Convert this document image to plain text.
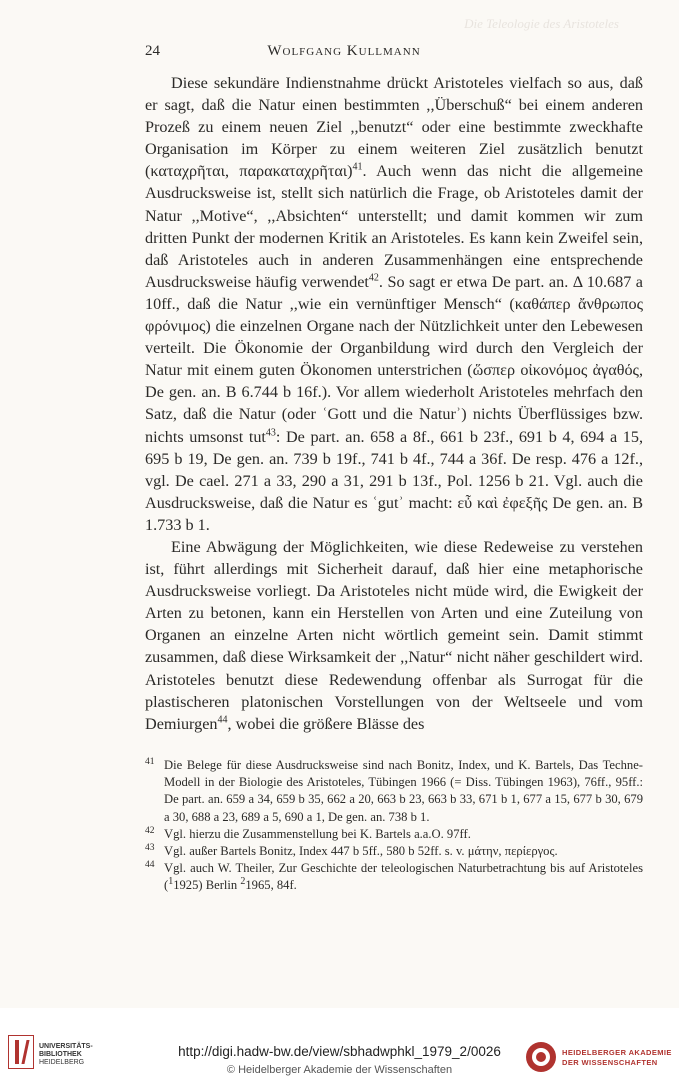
Die Teleologie des Aristoteles
24	Wolfgang Kullmann

Diese sekundäre Indienstnahme drückt Aristoteles vielfach so aus, daß er sagt, daß die Natur einen bestimmten ,,Überschuß“ bei einem anderen Prozeß zu einem neuen Ziel ,,benutzt“ oder eine bestimmte zweckhafte Organisation im Körper zu einem weiteren Ziel zusätzlich benutzt (καταχρῆται, παρακαταχρῆται)$^{41}$. Auch wenn das nicht die allgemeine Ausdrucksweise ist, stellt sich natürlich die Frage, ob Aristoteles damit der Natur ,,Motive“, ,,Absichten“ unterstellt; und damit kommen wir zum dritten Punkt der modernen Kritik an Aristoteles. Es kann kein Zweifel sein, daß Aristoteles auch in anderen Zusammenhängen eine entsprechende Ausdrucksweise häufig verwendet$^{42}$. So sagt er etwa De part. an. Δ 10.687 a 10ff., daß die Natur ,,wie ein vernünftiger Mensch“ (καθάπερ ἄνθρωπος φρόνιμος) die einzelnen Organe nach der Nützlichkeit unter den Lebewesen verteilt. Die Ökonomie der Organbildung wird durch den Vergleich der Natur mit einem guten Ökonomen unterstrichen (ὥσπερ οἰκονόμος ἀγαθός, De gen. an. B 6.744 b 16f.). Vor allem wiederholt Aristoteles mehrfach den Satz, daß die Natur (oder ʿGott und die Naturʾ) nichts Überflüssiges bzw. nichts umsonst tut$^{43}$: De part. an. 658 a 8f., 661 b 23f., 691 b 4, 694 a 15, 695 b 19, De gen. an. 739 b 19f., 741 b 4f., 744 a 36f. De resp. 476 a 12f., vgl. De cael. 271 a 33, 290 a 31, 291 b 13f., Pol. 1256 b 21. Vgl. auch die Ausdrucksweise, daß die Natur es ʿgutʾ macht: εὖ καὶ ἐφεξῆς De gen. an. B 1.733 b 1.

Eine Abwägung der Möglichkeiten, wie diese Redeweise zu verstehen ist, führt allerdings mit Sicherheit darauf, daß hier eine metaphorische Ausdrucksweise vorliegt. Da Aristoteles nicht müde wird, die Ewigkeit der Arten zu betonen, kann ein Herstellen von Arten und eine Zuteilung von Organen an einzelne Arten nicht wörtlich gemeint sein. Damit stimmt zusammen, daß diese Wirksamkeit der ,,Natur“ nicht näher geschildert wird. Aristoteles benutzt diese Redewendung offenbar als Surrogat für die plastischeren platonischen Vorstellungen von der Weltseele und vom Demiurgen$^{44}$, wobei die größere Blässe des

41 Die Belege für diese Ausdrucksweise sind nach Bonitz, Index, und K. Bartels, Das Techne-Modell in der Biologie des Aristoteles, Tübingen 1966 (= Diss. Tübingen 1963), 76ff., 95ff.: De part. an. 659 a 34, 659 b 35, 662 a 20, 663 b 23, 663 b 33, 671 b 1, 677 a 15, 677 b 30, 679 a 30, 688 a 23, 689 a 5, 690 a 1, De gen. an. 738 b 1.
42 Vgl. hierzu die Zusammenstellung bei K. Bartels a.a.O. 97ff.
43 Vgl. außer Bartels Bonitz, Index 447 b 5ff., 580 b 52ff. s. v. μάτην, περίεργος.
44 Vgl. auch W. Theiler, Zur Geschichte der teleologischen Naturbetrachtung bis auf Aristoteles ($^1$1925) Berlin $^2$1965, 84f.
UNIVERSITÄTS-
BIBLIOTHEK
HEIDELBERG
http://digi.hadw-bw.de/view/sbhadwphkl_1979_2/0026
© Heidelberger Akademie der Wissenschaften
HEIDELBERGER AKADEMIE
DER WISSENSCHAFTEN
